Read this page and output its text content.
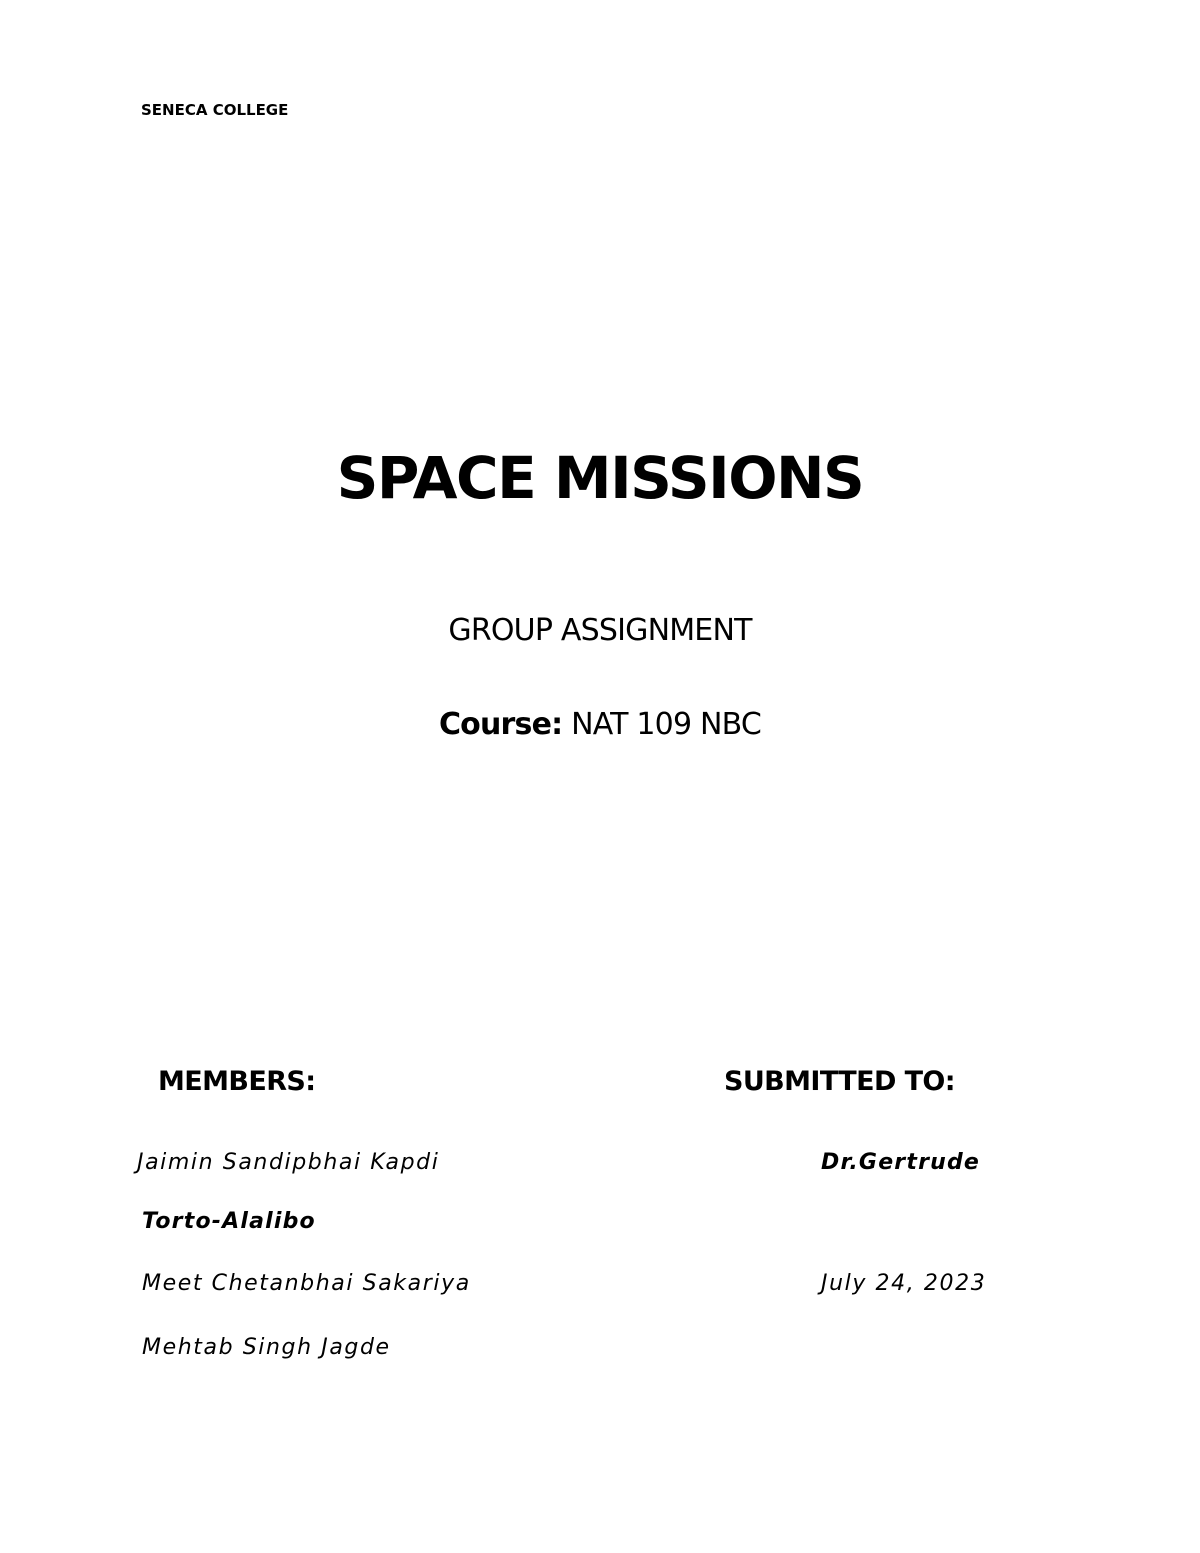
SENECA COLLEGE
SPACE MISSIONS
GROUP ASSIGNMENT
Course: NAT 109 NBC
MEMBERS:	SUBMITTED TO:
Jaimin Sandipbhai Kapdi
Torto-Alalibo
Meet Chetanbhai Sakariya
Mehtab Singh Jagde
Dr.Gertrude
July 24, 2023
